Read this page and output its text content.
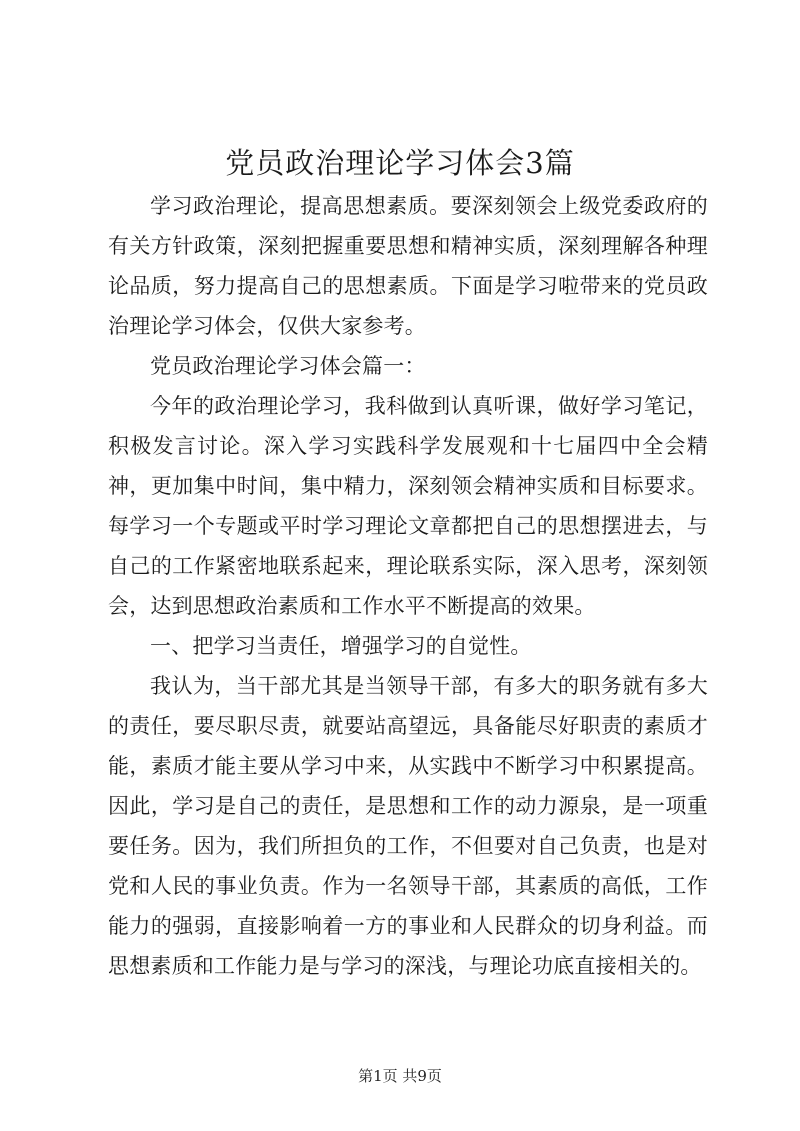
党员政治理论学习体会3篇

学习政治理论，提高思想素质。要深刻领会上级党委政府的有关方针政策，深刻把握重要思想和精神实质，深刻理解各种理论品质，努力提高自己的思想素质。下面是学习啦带来的党员政治理论学习体会，仅供大家参考。

党员政治理论学习体会篇一：

今年的政治理论学习，我科做到认真听课，做好学习笔记，积极发言讨论。深入学习实践科学发展观和十七届四中全会精神，更加集中时间，集中精力，深刻领会精神实质和目标要求。每学习一个专题或平时学习理论文章都把自己的思想摆进去，与自己的工作紧密地联系起来，理论联系实际，深入思考，深刻领会，达到思想政治素质和工作水平不断提高的效果。

一、把学习当责任，增强学习的自觉性。

我认为，当干部尤其是当领导干部，有多大的职务就有多大的责任，要尽职尽责，就要站高望远，具备能尽好职责的素质才能，素质才能主要从学习中来，从实践中不断学习中积累提高。因此，学习是自己的责任，是思想和工作的动力源泉，是一项重要任务。因为，我们所担负的工作，不但要对自己负责，也是对党和人民的事业负责。作为一名领导干部，其素质的高低，工作能力的强弱，直接影响着一方的事业和人民群众的切身利益。而思想素质和工作能力是与学习的深浅，与理论功底直接相关的。

第1页 共9页
